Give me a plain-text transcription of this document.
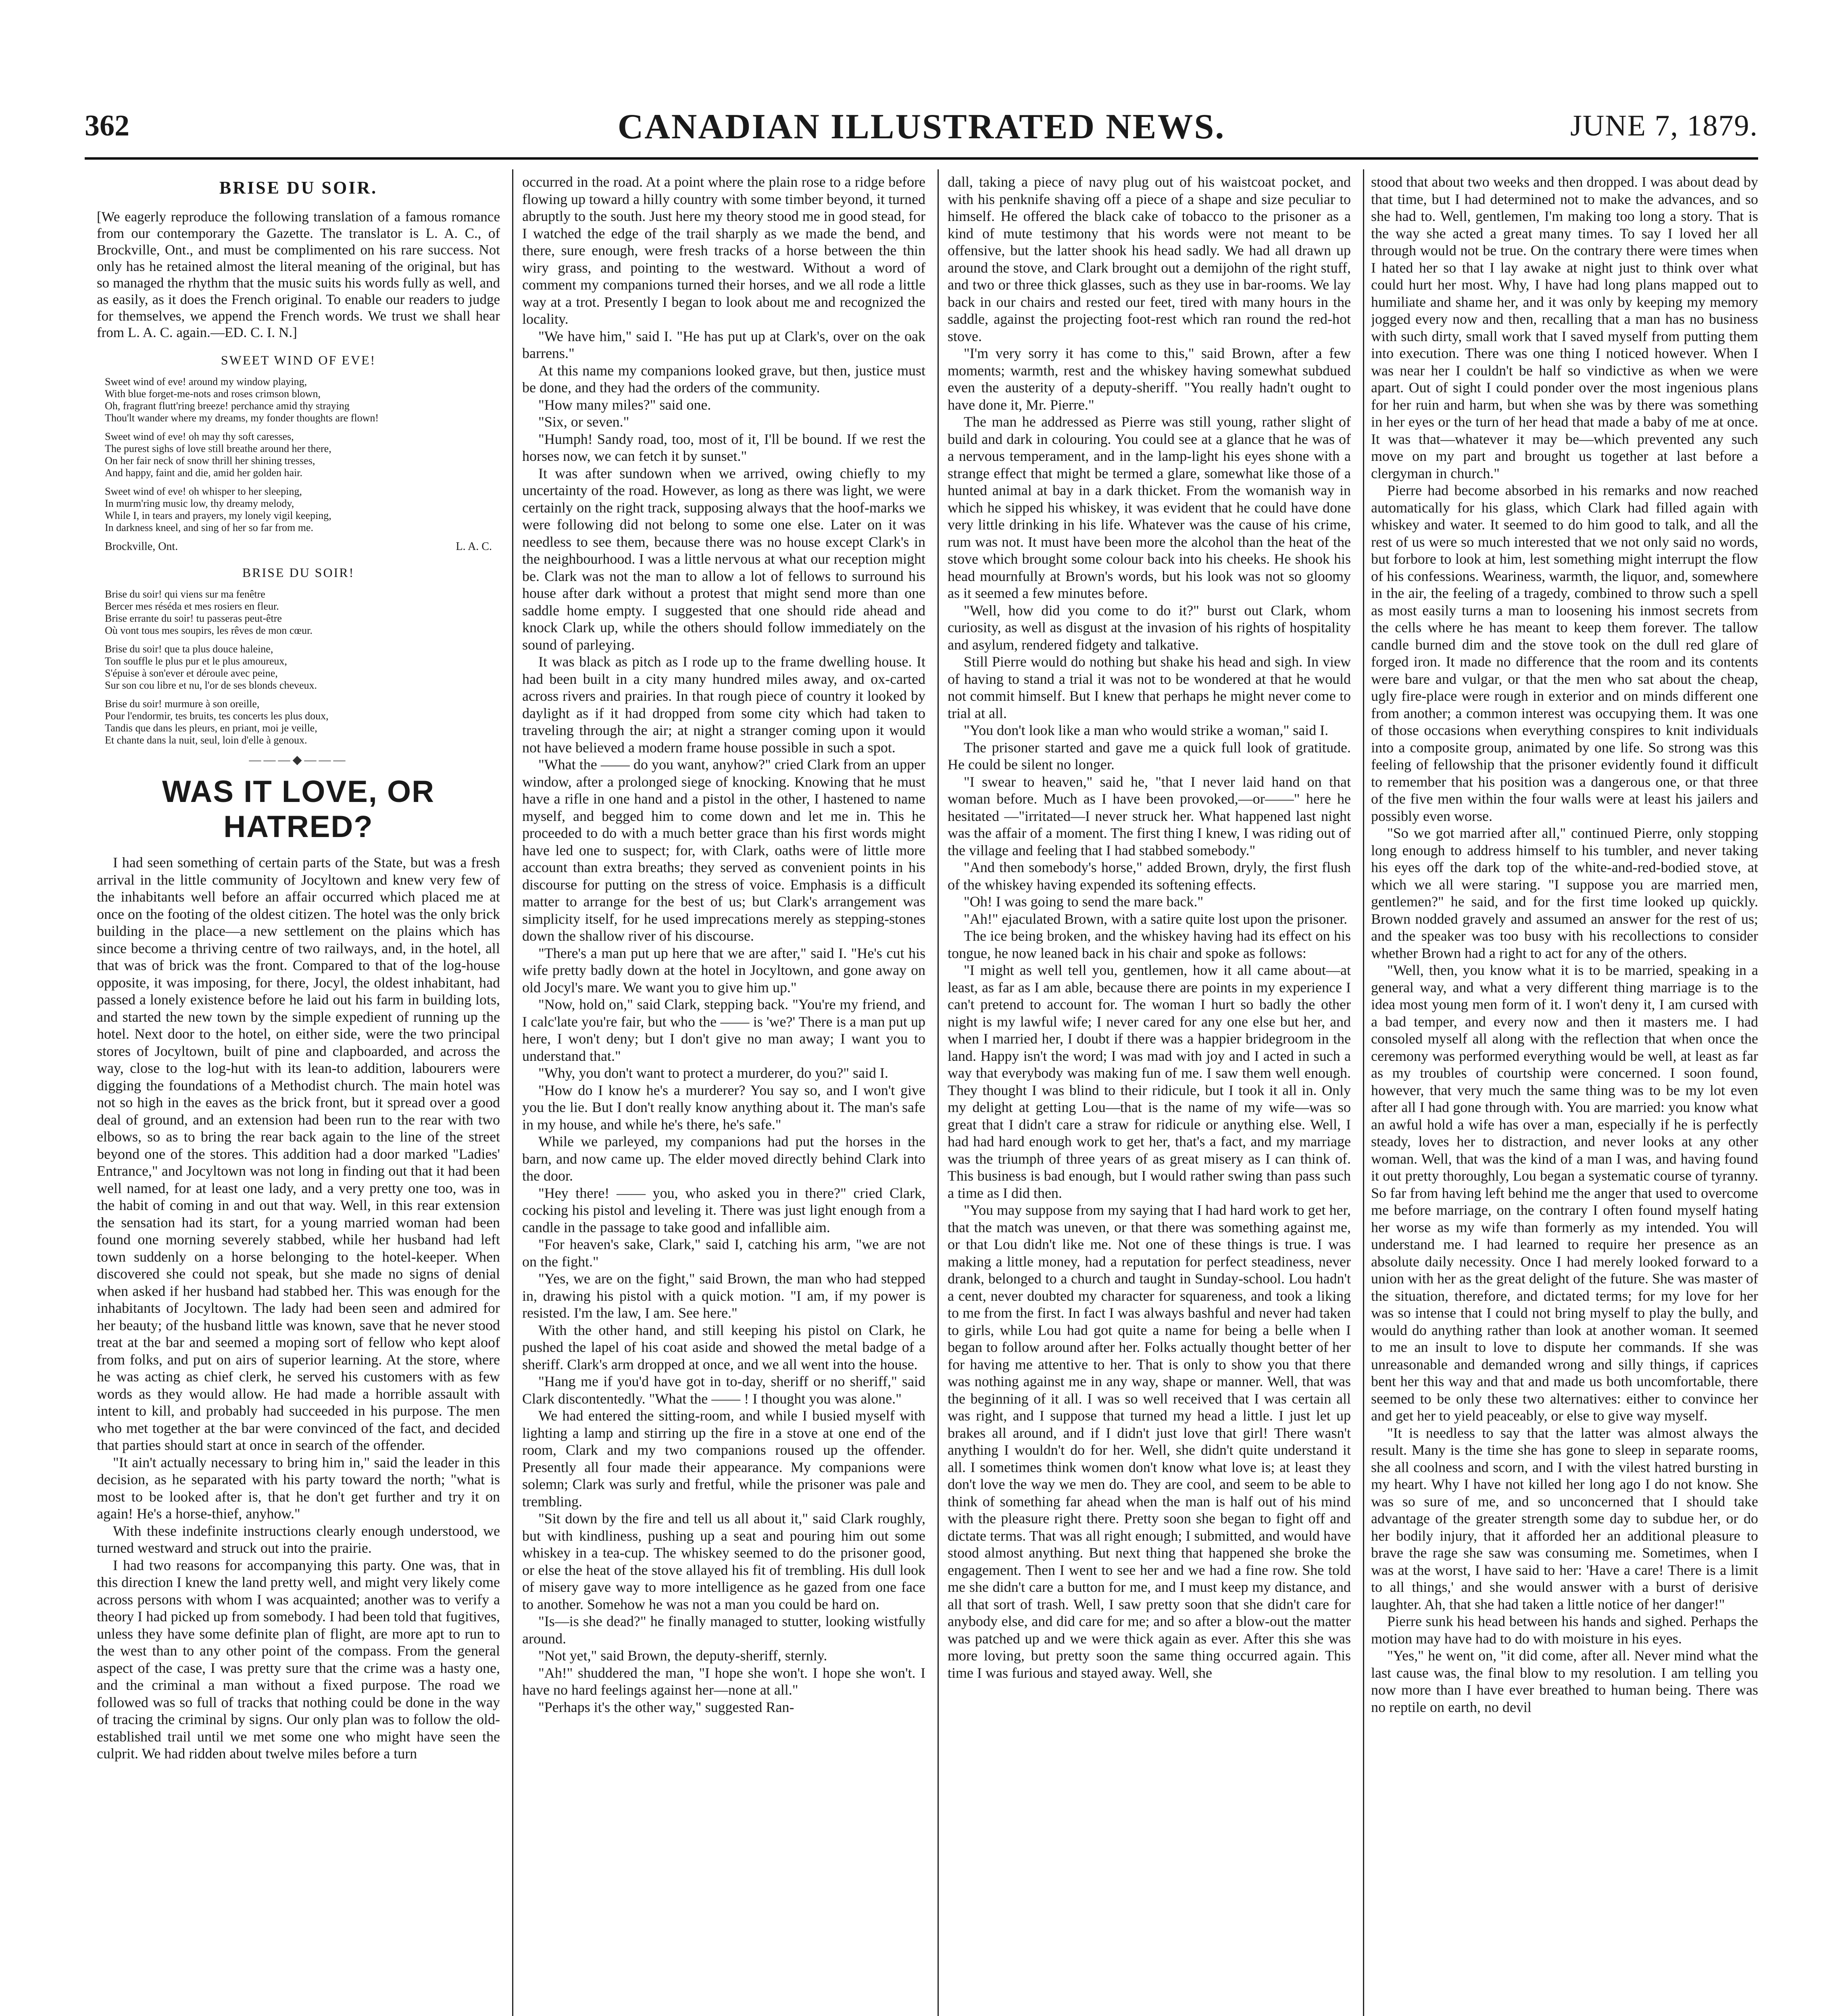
362	CANADIAN ILLUSTRATED NEWS.	JUNE 7, 1879.
BRISE DU SOIR.
[We eagerly reproduce the following translation of a famous romance from our contemporary the Gazette. The translator is L. A. C., of Brockville, Ont., and must be complimented on his rare success. Not only has he retained almost the literal meaning of the original, but has so managed the rhythm that the music suits his words fully as well, and as easily, as it does the French original. To enable our readers to judge for themselves, we append the French words. We trust we shall hear from L. A. C. again.—ED. C. I. N.]
SWEET WIND OF EVE!
Sweet wind of eve! around my window playing,
With blue forget-me-nots and roses crimson blown,
Oh, fragrant flutt'ring breeze! perchance amid thy straying
Thou'lt wander where my dreams, my fonder thoughts are flown!
Sweet wind of eve! oh may thy soft caresses,
The purest sighs of love still breathe around her there,
On her fair neck of snow thrill her shining tresses,
And happy, faint and die, amid her golden hair.
Sweet wind of eve! oh whisper to her sleeping,
In murm'ring music low, thy dreamy melody,
While I, in tears and prayers, my lonely vigil keeping,
In darkness kneel, and sing of her so far from me.
Brockville, Ont.	L. A. C.
BRISE DU SOIR!
Brise du soir! qui viens sur ma fenêtre
Bercer mes réséda et mes rosiers en fleur.
Brise errante du soir! tu passeras peut-être
Où vont tous mes soupirs, les rêves de mon cœur.
Brise du soir! que ta plus douce haleine,
Ton souffle le plus pur et le plus amoureux,
S'épuise à son'ever et déroule avec peine,
Sur son cou libre et nu, l'or de ses blonds cheveux.
Brise du soir! murmure à son oreille,
Pour l'endormir, tes bruits, tes concerts les plus doux,
Tandis que dans les pleurs, en priant, moi je veille,
Et chante dans la nuit, seul, loin d'elle à genoux.
———◆———
WAS IT LOVE, OR HATRED?

I had seen something of certain parts of the State, but was a fresh arrival in the little community of Jocyltown and knew very few of the inhabitants well before an affair occurred which placed me at once on the footing of the oldest citizen. The hotel was the only brick building in the place—a new settlement on the plains which has since become a thriving centre of two railways, and, in the hotel, all that was of brick was the front. Compared to that of the log-house opposite, it was imposing, for there, Jocyl, the oldest inhabitant, had passed a lonely existence before he laid out his farm in building lots, and started the new town by the simple expedient of running up the hotel. Next door to the hotel, on either side, were the two principal stores of Jocyltown, built of pine and clapboarded, and across the way, close to the log-hut with its lean-to addition, labourers were digging the foundations of a Methodist church. The main hotel was not so high in the eaves as the brick front, but it spread over a good deal of ground, and an extension had been run to the rear with two elbows, so as to bring the rear back again to the line of the street beyond one of the stores. This addition had a door marked "Ladies' Entrance," and Jocyltown was not long in finding out that it had been well named, for at least one lady, and a very pretty one too, was in the habit of coming in and out that way. Well, in this rear extension the sensation had its start, for a young married woman had been found one morning severely stabbed, while her husband had left town suddenly on a horse belonging to the hotel-keeper. When discovered she could not speak, but she made no signs of denial when asked if her husband had stabbed her. This was enough for the inhabitants of Jocyltown. The lady had been seen and admired for her beauty; of the husband little was known, save that he never stood treat at the bar and seemed a moping sort of fellow who kept aloof from folks, and put on airs of superior learning. At the store, where he was acting as chief clerk, he served his customers with as few words as they would allow. He had made a horrible assault with intent to kill, and probably had succeeded in his purpose. The men who met together at the bar were convinced of the fact, and decided that parties should start at once in search of the offender.

"It ain't actually necessary to bring him in," said the leader in this decision, as he separated with his party toward the north; "what is most to be looked after is, that he don't get further and try it on again! He's a horse-thief, anyhow."

With these indefinite instructions clearly enough understood, we turned westward and struck out into the prairie.

I had two reasons for accompanying this party. One was, that in this direction I knew the land pretty well, and might very likely come across persons with whom I was acquainted; another was to verify a theory I had picked up from somebody. I had been told that fugitives, unless they have some definite plan of flight, are more apt to run to the west than to any other point of the compass. From the general aspect of the case, I was pretty sure that the crime was a hasty one, and the criminal a man without a fixed purpose. The road we followed was so full of tracks that nothing could be done in the way of tracing the criminal by signs. Our only plan was to follow the old-established trail until we met some one who might have seen the culprit. We had ridden about twelve miles before a turn

occurred in the road. At a point where the plain rose to a ridge before flowing up toward a hilly country with some timber beyond, it turned abruptly to the south. Just here my theory stood me in good stead, for I watched the edge of the trail sharply as we made the bend, and there, sure enough, were fresh tracks of a horse between the thin wiry grass, and pointing to the westward. Without a word of comment my companions turned their horses, and we all rode a little way at a trot. Presently I began to look about me and recognized the locality.

"We have him," said I. "He has put up at Clark's, over on the oak barrens."

At this name my companions looked grave, but then, justice must be done, and they had the orders of the community.

"How many miles?" said one.

"Six, or seven."

"Humph! Sandy road, too, most of it, I'll be bound. If we rest the horses now, we can fetch it by sunset."

It was after sundown when we arrived, owing chiefly to my uncertainty of the road. However, as long as there was light, we were certainly on the right track, supposing always that the hoof-marks we were following did not belong to some one else. Later on it was needless to see them, because there was no house except Clark's in the neighbourhood. I was a little nervous at what our reception might be. Clark was not the man to allow a lot of fellows to surround his house after dark without a protest that might send more than one saddle home empty. I suggested that one should ride ahead and knock Clark up, while the others should follow immediately on the sound of parleying.

It was black as pitch as I rode up to the frame dwelling house. It had been built in a city many hundred miles away, and ox-carted across rivers and prairies. In that rough piece of country it looked by daylight as if it had dropped from some city which had taken to traveling through the air; at night a stranger coming upon it would not have believed a modern frame house possible in such a spot.

"What the —— do you want, anyhow?" cried Clark from an upper window, after a prolonged siege of knocking. Knowing that he must have a rifle in one hand and a pistol in the other, I hastened to name myself, and begged him to come down and let me in. This he proceeded to do with a much better grace than his first words might have led one to suspect; for, with Clark, oaths were of little more account than extra breaths; they served as convenient points in his discourse for putting on the stress of voice. Emphasis is a difficult matter to arrange for the best of us; but Clark's arrangement was simplicity itself, for he used imprecations merely as stepping-stones down the shallow river of his discourse.

"There's a man put up here that we are after," said I. "He's cut his wife pretty badly down at the hotel in Jocyltown, and gone away on old Jocyl's mare. We want you to give him up."

"Now, hold on," said Clark, stepping back. "You're my friend, and I calc'late you're fair, but who the —— is 'we?' There is a man put up here, I won't deny; but I don't give no man away; I want you to understand that."

"Why, you don't want to protect a murderer, do you?" said I.

"How do I know he's a murderer? You say so, and I won't give you the lie. But I don't really know anything about it. The man's safe in my house, and while he's there, he's safe."

While we parleyed, my companions had put the horses in the barn, and now came up. The elder moved directly behind Clark into the door.

"Hey there! —— you, who asked you in there?" cried Clark, cocking his pistol and leveling it. There was just light enough from a candle in the passage to take good and infallible aim.

"For heaven's sake, Clark," said I, catching his arm, "we are not on the fight."

"Yes, we are on the fight," said Brown, the man who had stepped in, drawing his pistol with a quick motion. "I am, if my power is resisted. I'm the law, I am. See here."

With the other hand, and still keeping his pistol on Clark, he pushed the lapel of his coat aside and showed the metal badge of a sheriff. Clark's arm dropped at once, and we all went into the house.

"Hang me if you'd have got in to-day, sheriff or no sheriff," said Clark discontentedly. "What the —— ! I thought you was alone."

We had entered the sitting-room, and while I busied myself with lighting a lamp and stirring up the fire in a stove at one end of the room, Clark and my two companions roused up the offender. Presently all four made their appearance. My companions were solemn; Clark was surly and fretful, while the prisoner was pale and trembling.

"Sit down by the fire and tell us all about it," said Clark roughly, but with kindliness, pushing up a seat and pouring him out some whiskey in a tea-cup. The whiskey seemed to do the prisoner good, or else the heat of the stove allayed his fit of trembling. His dull look of misery gave way to more intelligence as he gazed from one face to another. Somehow he was not a man you could be hard on.

"Is—is she dead?" he finally managed to stutter, looking wistfully around.

"Not yet," said Brown, the deputy-sheriff, sternly.

"Ah!" shuddered the man, "I hope she won't. I hope she won't. I have no hard feelings against her—none at all."

"Perhaps it's the other way," suggested Ran-

dall, taking a piece of navy plug out of his waistcoat pocket, and with his penknife shaving off a piece of a shape and size peculiar to himself. He offered the black cake of tobacco to the prisoner as a kind of mute testimony that his words were not meant to be offensive, but the latter shook his head sadly. We had all drawn up around the stove, and Clark brought out a demijohn of the right stuff, and two or three thick glasses, such as they use in bar-rooms. We lay back in our chairs and rested our feet, tired with many hours in the saddle, against the projecting foot-rest which ran round the red-hot stove.

"I'm very sorry it has come to this," said Brown, after a few moments; warmth, rest and the whiskey having somewhat subdued even the austerity of a deputy-sheriff. "You really hadn't ought to have done it, Mr. Pierre."

The man he addressed as Pierre was still young, rather slight of build and dark in colouring. You could see at a glance that he was of a nervous temperament, and in the lamp-light his eyes shone with a strange effect that might be termed a glare, somewhat like those of a hunted animal at bay in a dark thicket. From the womanish way in which he sipped his whiskey, it was evident that he could have done very little drinking in his life. Whatever was the cause of his crime, rum was not. It must have been more the alcohol than the heat of the stove which brought some colour back into his cheeks. He shook his head mournfully at Brown's words, but his look was not so gloomy as it seemed a few minutes before.

"Well, how did you come to do it?" burst out Clark, whom curiosity, as well as disgust at the invasion of his rights of hospitality and asylum, rendered fidgety and talkative.

Still Pierre would do nothing but shake his head and sigh. In view of having to stand a trial it was not to be wondered at that he would not commit himself. But I knew that perhaps he might never come to trial at all.

"You don't look like a man who would strike a woman," said I.

The prisoner started and gave me a quick full look of gratitude. He could be silent no longer.

"I swear to heaven," said he, "that I never laid hand on that woman before. Much as I have been provoked,—or——" here he hesitated —"irritated—I never struck her. What happened last night was the affair of a moment. The first thing I knew, I was riding out of the village and feeling that I had stabbed somebody."

"And then somebody's horse," added Brown, dryly, the first flush of the whiskey having expended its softening effects.

"Oh! I was going to send the mare back."

"Ah!" ejaculated Brown, with a satire quite lost upon the prisoner.

The ice being broken, and the whiskey having had its effect on his tongue, he now leaned back in his chair and spoke as follows:

"I might as well tell you, gentlemen, how it all came about—at least, as far as I am able, because there are points in my experience I can't pretend to account for. The woman I hurt so badly the other night is my lawful wife; I never cared for any one else but her, and when I married her, I doubt if there was a happier bridegroom in the land. Happy isn't the word; I was mad with joy and I acted in such a way that everybody was making fun of me. I saw them well enough. They thought I was blind to their ridicule, but I took it all in. Only my delight at getting Lou—that is the name of my wife—was so great that I didn't care a straw for ridicule or anything else. Well, I had had hard enough work to get her, that's a fact, and my marriage was the triumph of three years of as great misery as I can think of. This business is bad enough, but I would rather swing than pass such a time as I did then.

"You may suppose from my saying that I had hard work to get her, that the match was uneven, or that there was something against me, or that Lou didn't like me. Not one of these things is true. I was making a little money, had a reputation for perfect steadiness, never drank, belonged to a church and taught in Sunday-school. Lou hadn't a cent, never doubted my character for squareness, and took a liking to me from the first. In fact I was always bashful and never had taken to girls, while Lou had got quite a name for being a belle when I began to follow around after her. Folks actually thought better of her for having me attentive to her. That is only to show you that there was nothing against me in any way, shape or manner. Well, that was the beginning of it all. I was so well received that I was certain all was right, and I suppose that turned my head a little. I just let up brakes all around, and if I didn't just love that girl! There wasn't anything I wouldn't do for her. Well, she didn't quite understand it all. I sometimes think women don't know what love is; at least they don't love the way we men do. They are cool, and seem to be able to think of something far ahead when the man is half out of his mind with the pleasure right there. Pretty soon she began to fight off and dictate terms. That was all right enough; I submitted, and would have stood almost anything. But next thing that happened she broke the engagement. Then I went to see her and we had a fine row. She told me she didn't care a button for me, and I must keep my distance, and all that sort of trash. Well, I saw pretty soon that she didn't care for anybody else, and did care for me; and so after a blow-out the matter was patched up and we were thick again as ever. After this she was more loving, but pretty soon the same thing occurred again. This time I was furious and stayed away. Well, she

stood that about two weeks and then dropped. I was about dead by that time, but I had determined not to make the advances, and so she had to. Well, gentlemen, I'm making too long a story. That is the way she acted a great many times. To say I loved her all through would not be true. On the contrary there were times when I hated her so that I lay awake at night just to think over what could hurt her most. Why, I have had long plans mapped out to humiliate and shame her, and it was only by keeping my memory jogged every now and then, recalling that a man has no business with such dirty, small work that I saved myself from putting them into execution. There was one thing I noticed however. When I was near her I couldn't be half so vindictive as when we were apart. Out of sight I could ponder over the most ingenious plans for her ruin and harm, but when she was by there was something in her eyes or the turn of her head that made a baby of me at once. It was that—whatever it may be—which prevented any such move on my part and brought us together at last before a clergyman in church."

Pierre had become absorbed in his remarks and now reached automatically for his glass, which Clark had filled again with whiskey and water. It seemed to do him good to talk, and all the rest of us were so much interested that we not only said no words, but forbore to look at him, lest something might interrupt the flow of his confessions. Weariness, warmth, the liquor, and, somewhere in the air, the feeling of a tragedy, combined to throw such a spell as most easily turns a man to loosening his inmost secrets from the cells where he has meant to keep them forever. The tallow candle burned dim and the stove took on the dull red glare of forged iron. It made no difference that the room and its contents were bare and vulgar, or that the men who sat about the cheap, ugly fire-place were rough in exterior and on minds different one from another; a common interest was occupying them. It was one of those occasions when everything conspires to knit individuals into a composite group, animated by one life. So strong was this feeling of fellowship that the prisoner evidently found it difficult to remember that his position was a dangerous one, or that three of the five men within the four walls were at least his jailers and possibly even worse.

"So we got married after all," continued Pierre, only stopping long enough to address himself to his tumbler, and never taking his eyes off the dark top of the white-and-red-bodied stove, at which we all were staring. "I suppose you are married men, gentlemen?" he said, and for the first time looked up quickly. Brown nodded gravely and assumed an answer for the rest of us; and the speaker was too busy with his recollections to consider whether Brown had a right to act for any of the others.

"Well, then, you know what it is to be married, speaking in a general way, and what a very different thing marriage is to the idea most young men form of it. I won't deny it, I am cursed with a bad temper, and every now and then it masters me. I had consoled myself all along with the reflection that when once the ceremony was performed everything would be well, at least as far as my troubles of courtship were concerned. I soon found, however, that very much the same thing was to be my lot even after all I had gone through with. You are married: you know what an awful hold a wife has over a man, especially if he is perfectly steady, loves her to distraction, and never looks at any other woman. Well, that was the kind of a man I was, and having found it out pretty thoroughly, Lou began a systematic course of tyranny. So far from having left behind me the anger that used to overcome me before marriage, on the contrary I often found myself hating her worse as my wife than formerly as my intended. You will understand me. I had learned to require her presence as an absolute daily necessity. Once I had merely looked forward to a union with her as the great delight of the future. She was master of the situation, therefore, and dictated terms; for my love for her was so intense that I could not bring myself to play the bully, and would do anything rather than look at another woman. It seemed to me an insult to love to dispute her commands. If she was unreasonable and demanded wrong and silly things, if caprices bent her this way and that and made us both uncomfortable, there seemed to be only these two alternatives: either to convince her and get her to yield peaceably, or else to give way myself.

"It is needless to say that the latter was almost always the result. Many is the time she has gone to sleep in separate rooms, she all coolness and scorn, and I with the vilest hatred bursting in my heart. Why I have not killed her long ago I do not know. She was so sure of me, and so unconcerned that I should take advantage of the greater strength some day to subdue her, or do her bodily injury, that it afforded her an additional pleasure to brave the rage she saw was consuming me. Sometimes, when I was at the worst, I have said to her: 'Have a care! There is a limit to all things,' and she would answer with a burst of derisive laughter. Ah, that she had taken a little notice of her danger!"

Pierre sunk his head between his hands and sighed. Perhaps the motion may have had to do with moisture in his eyes.

"Yes," he went on, "it did come, after all. Never mind what the last cause was, the final blow to my resolution. I am telling you now more than I have ever breathed to human being. There was no reptile on earth, no devil
